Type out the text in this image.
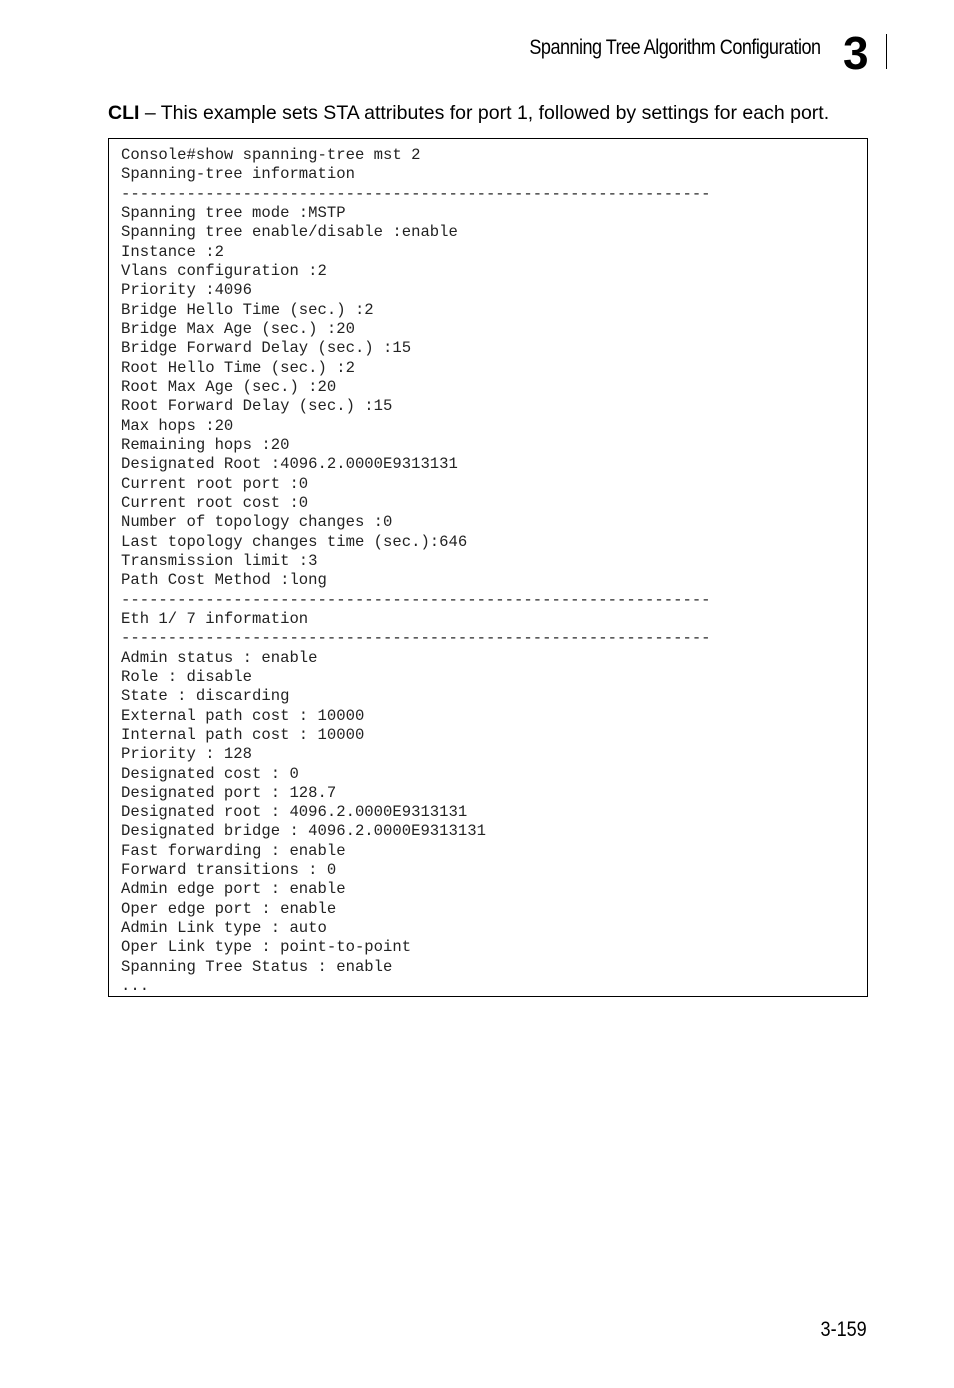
Spanning Tree Algorithm Configuration 3
CLI – This example sets STA attributes for port 1, followed by settings for each port.
Console#show spanning-tree mst 2
Spanning-tree information
---------------------------------------------------------------
Spanning tree mode :MSTP
Spanning tree enable/disable :enable
Instance :2
Vlans configuration :2
Priority :4096
Bridge Hello Time (sec.) :2
Bridge Max Age (sec.) :20
Bridge Forward Delay (sec.) :15
Root Hello Time (sec.) :2
Root Max Age (sec.) :20
Root Forward Delay (sec.) :15
Max hops :20
Remaining hops :20
Designated Root :4096.2.0000E9313131
Current root port :0
Current root cost :0
Number of topology changes :0
Last topology changes time (sec.):646
Transmission limit :3
Path Cost Method :long
---------------------------------------------------------------
Eth 1/ 7 information
---------------------------------------------------------------
Admin status : enable
Role : disable
State : discarding
External path cost : 10000
Internal path cost : 10000
Priority : 128
Designated cost : 0
Designated port : 128.7
Designated root : 4096.2.0000E9313131
Designated bridge : 4096.2.0000E9313131
Fast forwarding : enable
Forward transitions : 0
Admin edge port : enable
Oper edge port : enable
Admin Link type : auto
Oper Link type : point-to-point
Spanning Tree Status : enable
...
3-159
